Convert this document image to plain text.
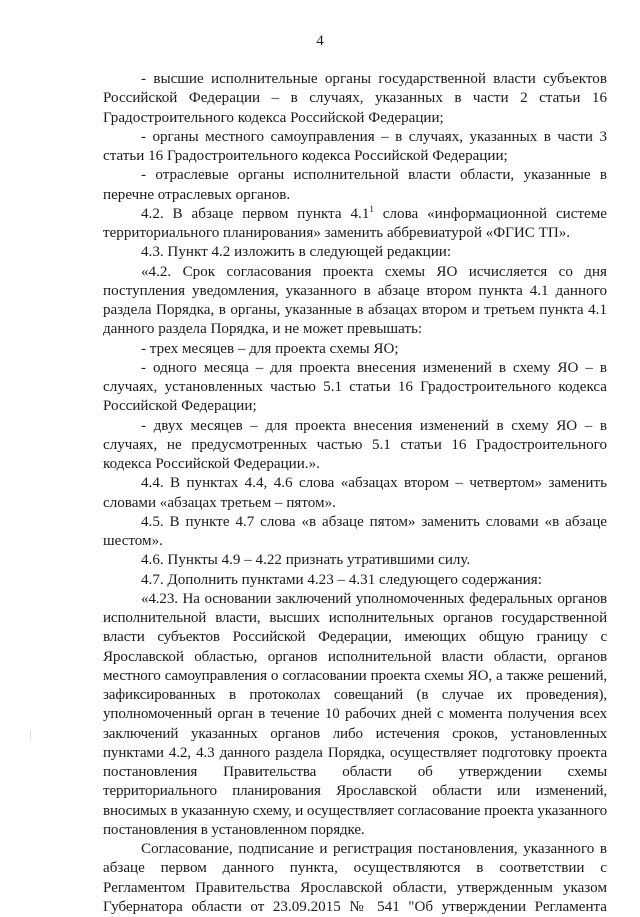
4

- высшие исполнительные органы государственной власти субъектов Российской Федерации – в случаях, указанных в части 2 статьи 16 Градостроительного кодекса Российской Федерации;

- органы местного самоуправления – в случаях, указанных в части 3 статьи 16 Градостроительного кодекса Российской Федерации;

- отраслевые органы исполнительной власти области, указанные в перечне отраслевых органов.

4.2. В абзаце первом пункта $4.1^1$ слова «информационной системе территориального планирования» заменить аббревиатурой «ФГИС ТП».

4.3. Пункт 4.2 изложить в следующей редакции:

«4.2. Срок согласования проекта схемы ЯО исчисляется со дня поступления уведомления, указанного в абзаце втором пункта 4.1 данного раздела Порядка, в органы, указанные в абзацах втором и третьем пункта 4.1 данного раздела Порядка, и не может превышать:

- трех месяцев – для проекта схемы ЯО;

- одного месяца – для проекта внесения изменений в схему ЯО – в случаях, установленных частью 5.1 статьи 16 Градостроительного кодекса Российской Федерации;

- двух месяцев – для проекта внесения изменений в схему ЯО – в случаях, не предусмотренных частью 5.1 статьи 16 Градостроительного кодекса Российской Федерации.».

4.4. В пунктах 4.4, 4.6 слова «абзацах втором – четвертом» заменить словами «абзацах третьем – пятом».

4.5. В пункте 4.7 слова «в абзаце пятом» заменить словами «в абзаце шестом».

4.6. Пункты 4.9 – 4.22 признать утратившими силу.

4.7. Дополнить пунктами 4.23 – 4.31 следующего содержания:

«4.23. На основании заключений уполномоченных федеральных органов исполнительной власти, высших исполнительных органов государственной власти субъектов Российской Федерации, имеющих общую границу с Ярославской областью, органов исполнительной власти области, органов местного самоуправления о согласовании проекта схемы ЯО, а также решений, зафиксированных в протоколах совещаний (в случае их проведения), уполномоченный орган в течение 10 рабочих дней с момента получения всех заключений указанных органов либо истечения сроков, установленных пунктами 4.2, 4.3 данного раздела Порядка, осуществляет подготовку проекта постановления Правительства области об утверждении схемы территориального планирования Ярославской области или изменений, вносимых в указанную схему, и осуществляет согласование проекта указанного постановления в установленном порядке.

Согласование, подписание и регистрация постановления, указанного в абзаце первом данного пункта, осуществляются в соответствии с Регламентом Правительства Ярославской области, утвержденным указом Губернатора области от 23.09.2015 № 541 "Об утверждении Регламента
